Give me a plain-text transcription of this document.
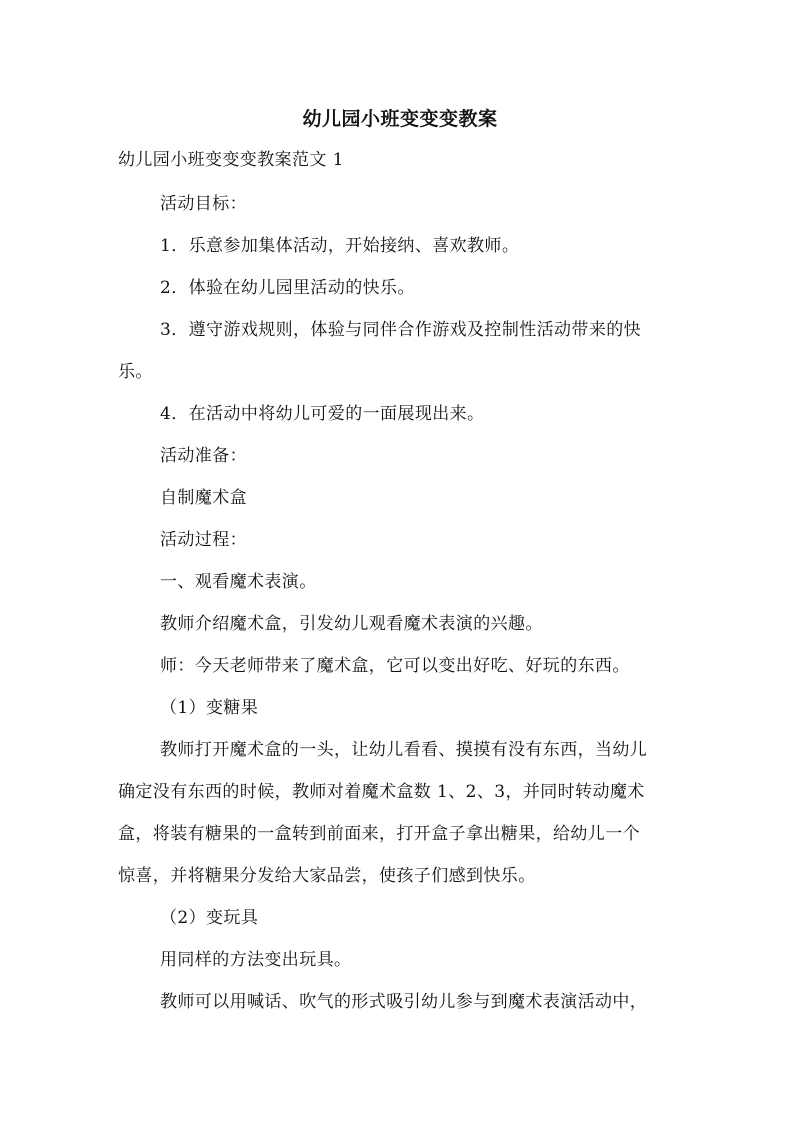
幼儿园小班变变变教案
幼儿园小班变变变教案范文 1
活动目标：
1．乐意参加集体活动，开始接纳、喜欢教师。
2．体验在幼儿园里活动的快乐。
3．遵守游戏规则，体验与同伴合作游戏及控制性活动带来的快
乐。
4．在活动中将幼儿可爱的一面展现出来。
活动准备：
自制魔术盒
活动过程：
一、观看魔术表演。
教师介绍魔术盒，引发幼儿观看魔术表演的兴趣。
师：今天老师带来了魔术盒，它可以变出好吃、好玩的东西。
（1）变糖果
教师打开魔术盒的一头，让幼儿看看、摸摸有没有东西，当幼儿
确定没有东西的时候，教师对着魔术盒数 1、2、3，并同时转动魔术
盒，将装有糖果的一盒转到前面来，打开盒子拿出糖果，给幼儿一个
惊喜，并将糖果分发给大家品尝，使孩子们感到快乐。
（2）变玩具
用同样的方法变出玩具。
教师可以用喊话、吹气的形式吸引幼儿参与到魔术表演活动中，
